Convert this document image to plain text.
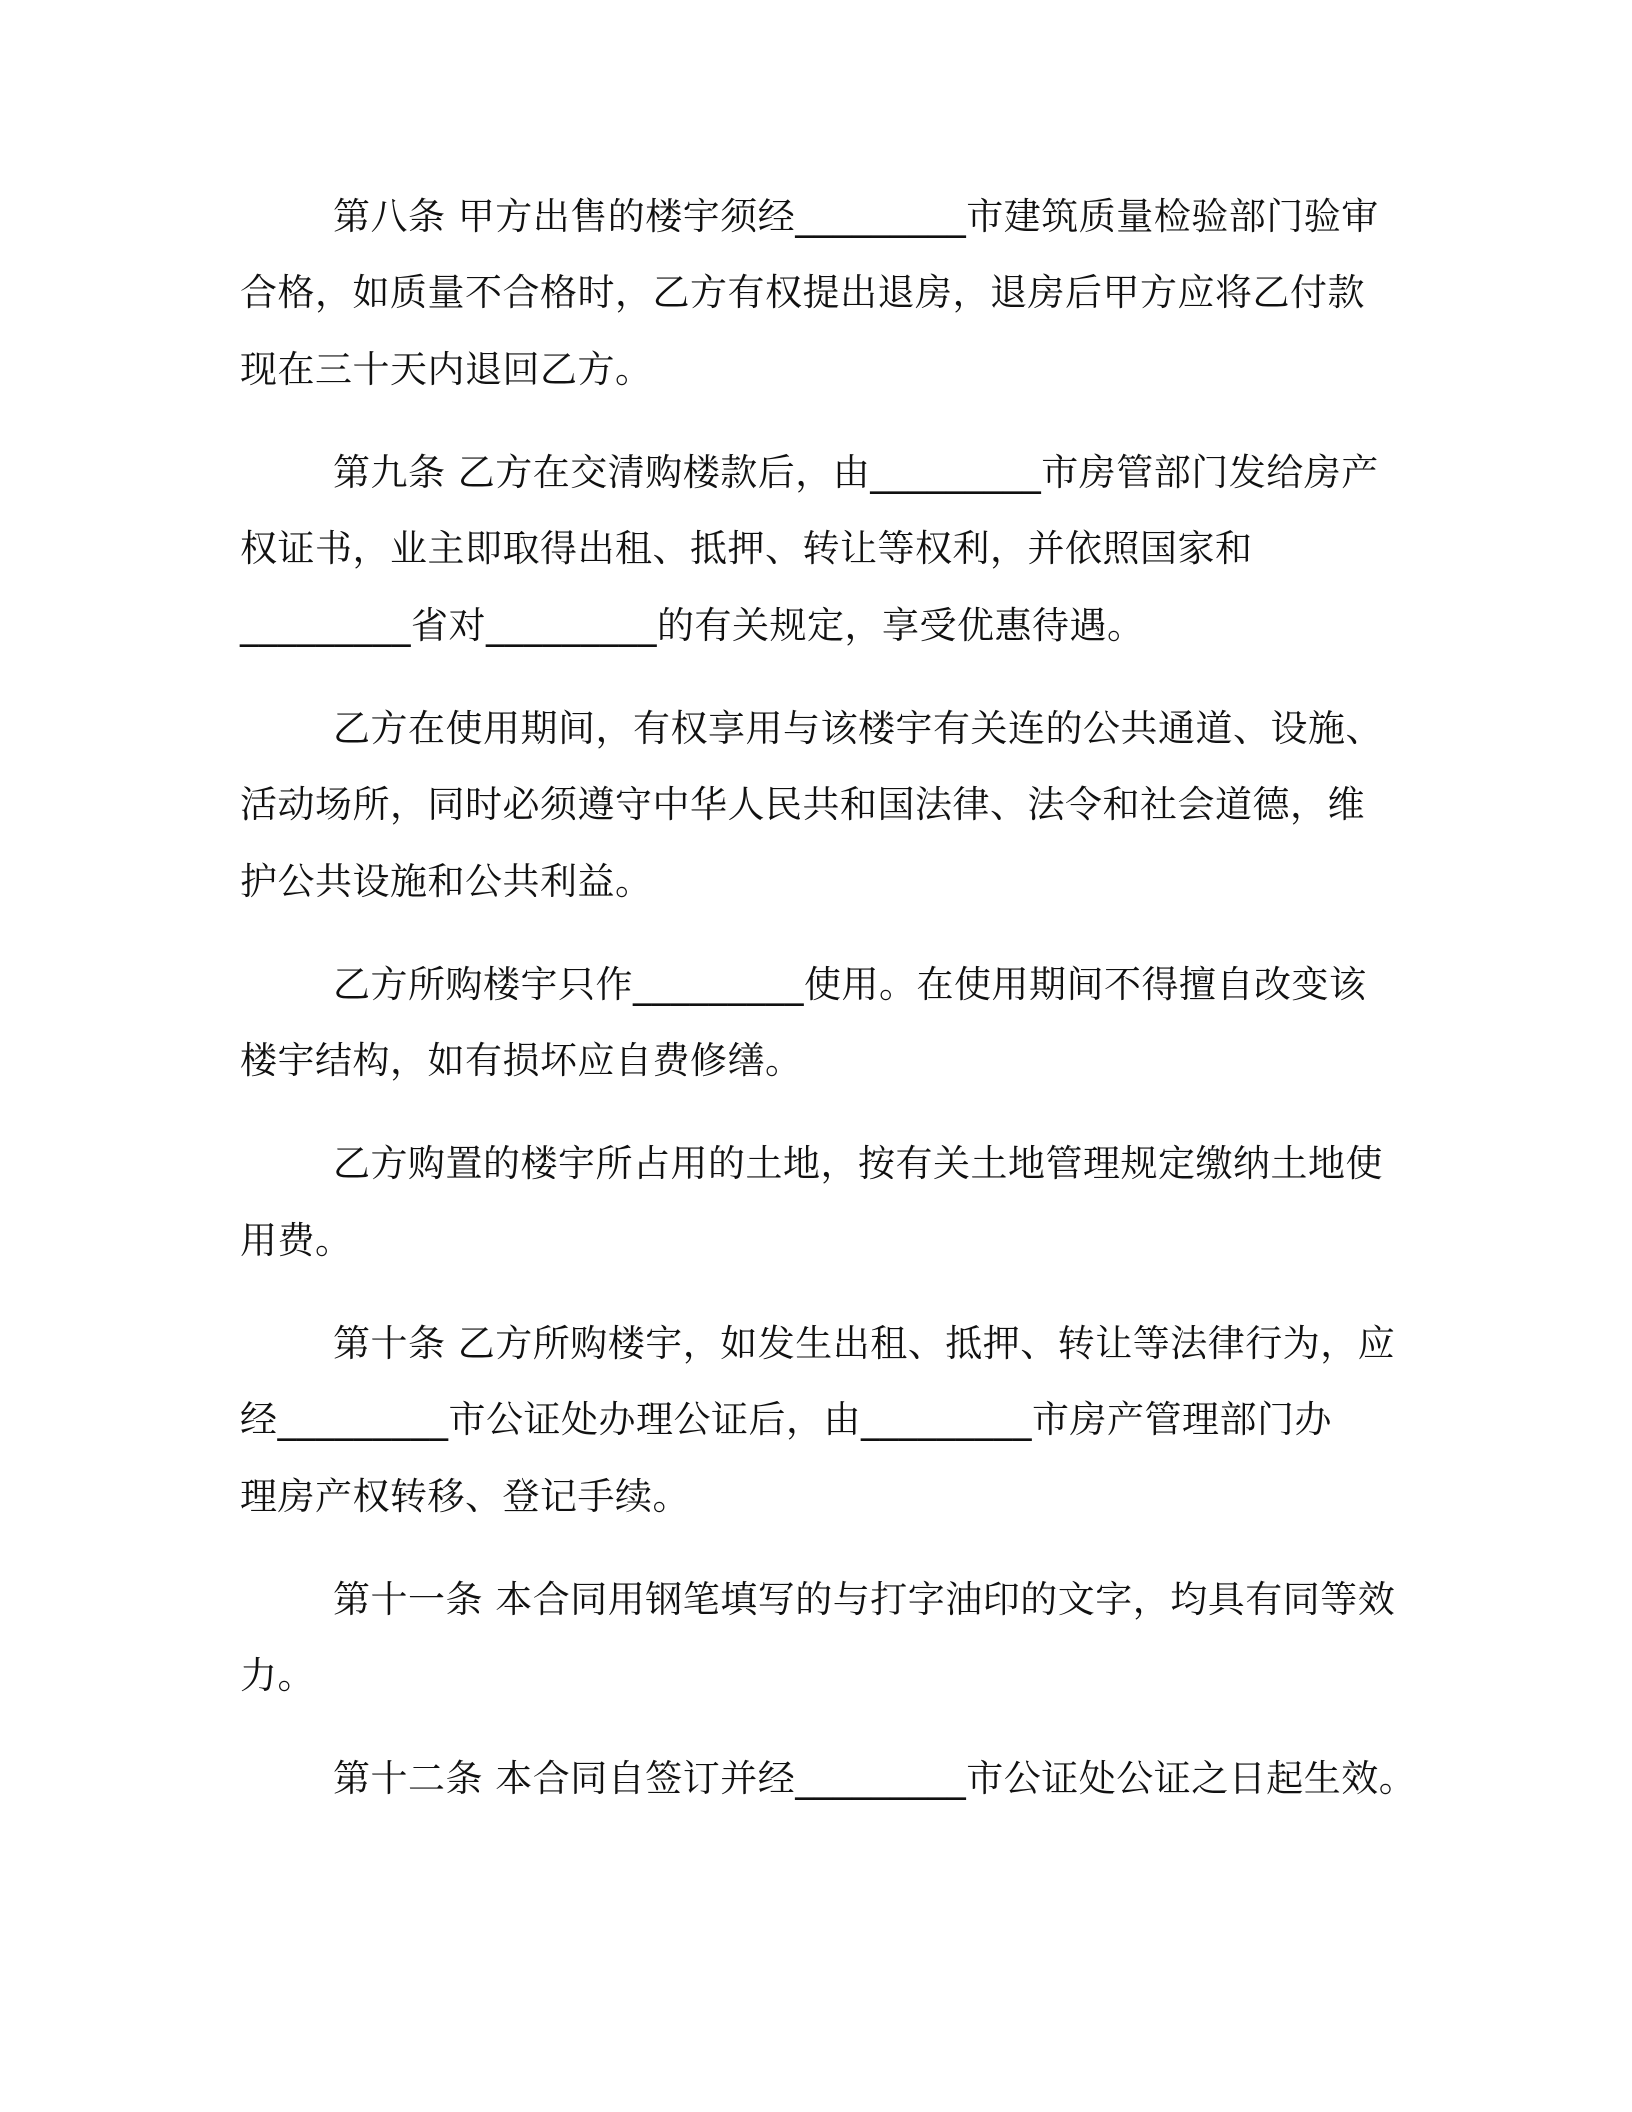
第八条 甲方出售的楼宇须经_________市建筑质量检验部门验审
合格，如质量不合格时，乙方有权提出退房，退房后甲方应将乙付款
现在三十天内退回乙方。
第九条 乙方在交清购楼款后，由_________市房管部门发给房产
权证书，业主即取得出租、抵押、转让等权利，并依照国家和
_________省对_________的有关规定，享受优惠待遇。
乙方在使用期间，有权享用与该楼宇有关连的公共通道、设施、
活动场所，同时必须遵守中华人民共和国法律、法令和社会道德，维
护公共设施和公共利益。
乙方所购楼宇只作_________使用。在使用期间不得擅自改变该
楼宇结构，如有损坏应自费修缮。
乙方购置的楼宇所占用的土地，按有关土地管理规定缴纳土地使
用费。
第十条 乙方所购楼宇，如发生出租、抵押、转让等法律行为，应
经_________市公证处办理公证后，由_________市房产管理部门办
理房产权转移、登记手续。
第十一条 本合同用钢笔填写的与打字油印的文字，均具有同等效
力。
第十二条 本合同自签订并经_________市公证处公证之日起生效。
